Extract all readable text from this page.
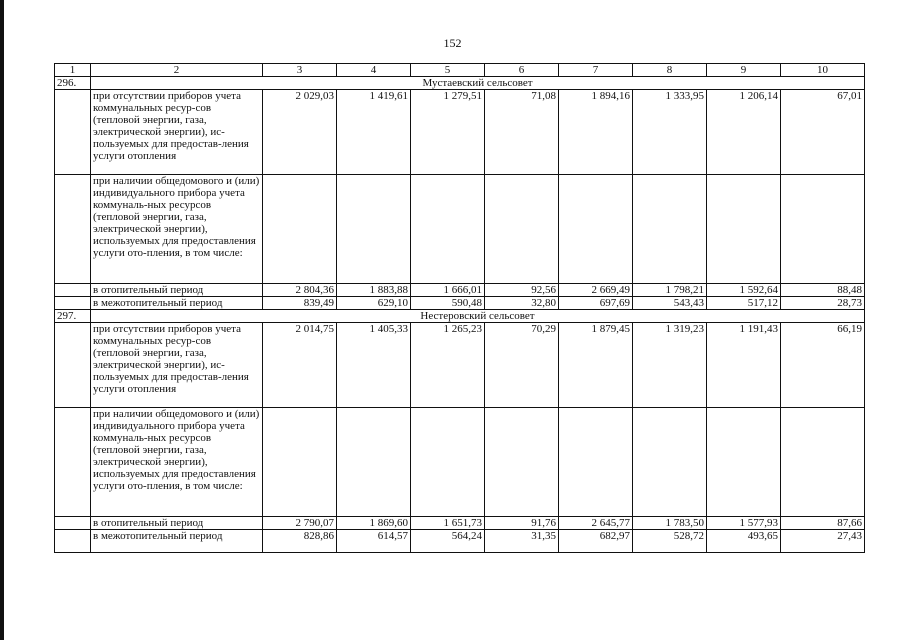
152
1	2	3	4	5	6	7	8	9	10
296.	Мустаевский сельсовет								
	при отсутствии приборов учета коммунальных ресур-сов (тепловой энергии, газа, электрической энергии), ис-пользуемых для предостав-ления услуги отопления	2 029,03	1 419,61	1 279,51	71,08	1 894,16	1 333,95	1 206,14	67,01
	при наличии общедомового и (или) индивидуального прибора учета коммуналь-ных ресурсов (тепловой энергии, газа, электрической энергии), используемых для предоставления услуги ото-пления, в том числе:								
	в отопительный период	2 804,36	1 883,88	1 666,01	92,56	2 669,49	1 798,21	1 592,64	88,48
	в межотопительный период	839,49	629,10	590,48	32,80	697,69	543,43	517,12	28,73
297.	Нестеровский сельсовет								
	при отсутствии приборов учета коммунальных ресур-сов (тепловой энергии, газа, электрической энергии), ис-пользуемых для предостав-ления услуги отопления	2 014,75	1 405,33	1 265,23	70,29	1 879,45	1 319,23	1 191,43	66,19
	при наличии общедомового и (или) индивидуального прибора учета коммуналь-ных ресурсов (тепловой энергии, газа, электрической энергии), используемых для предоставления услуги ото-пления, в том числе:								
	в отопительный период	2 790,07	1 869,60	1 651,73	91,76	2 645,77	1 783,50	1 577,93	87,66
	в межотопительный период	828,86	614,57	564,24	31,35	682,97	528,72	493,65	27,43
